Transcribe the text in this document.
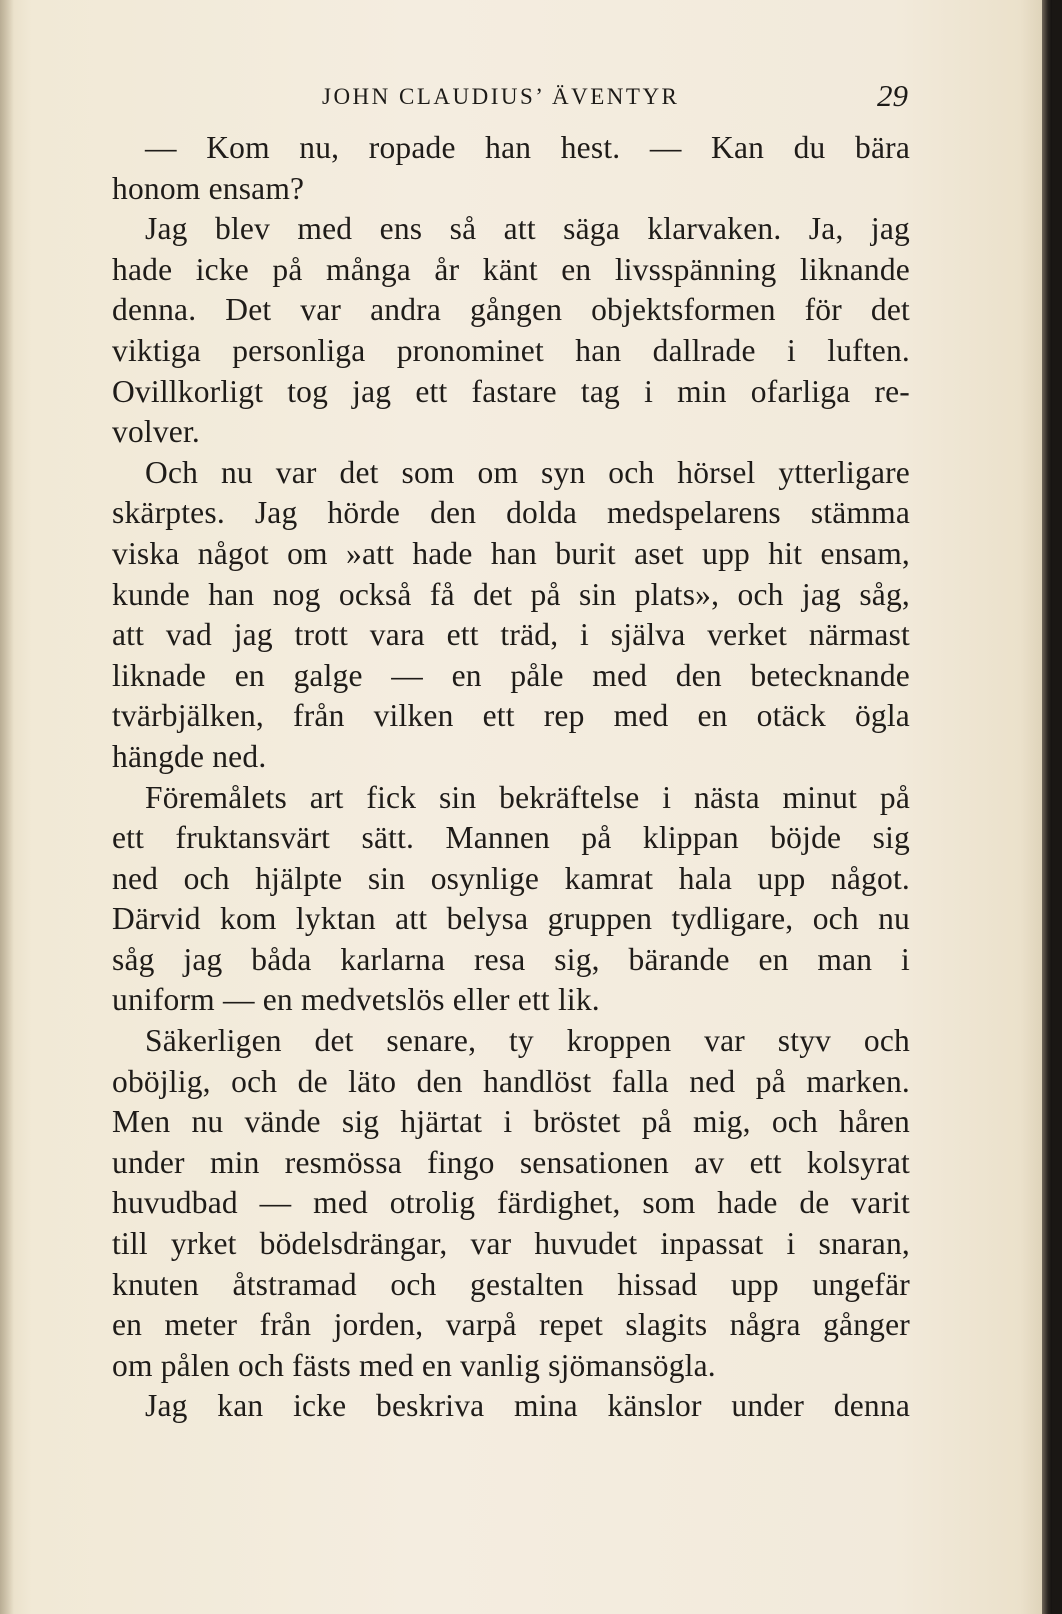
JOHN CLAUDIUS’ ÄVENTYR	29
— Kom nu, ropade han hest. — Kan du bära
honom ensam?
Jag blev med ens så att säga klarvaken. Ja, jag
hade icke på många år känt en livsspänning liknande
denna. Det var andra gången objektsformen för det
viktiga personliga pronominet han dallrade i luften.
Ovillkorligt tog jag ett fastare tag i min ofarliga re-
volver.
Och nu var det som om syn och hörsel ytterligare
skärptes. Jag hörde den dolda medspelarens stämma
viska något om »att hade han burit aset upp hit ensam,
kunde han nog också få det på sin plats», och jag såg,
att vad jag trott vara ett träd, i själva verket närmast
liknade en galge — en påle med den betecknande
tvärbjälken, från vilken ett rep med en otäck ögla
hängde ned.
Föremålets art fick sin bekräftelse i nästa minut på
ett fruktansvärt sätt. Mannen på klippan böjde sig
ned och hjälpte sin osynlige kamrat hala upp något.
Därvid kom lyktan att belysa gruppen tydligare, och nu
såg jag båda karlarna resa sig, bärande en man i
uniform — en medvetslös eller ett lik.
Säkerligen det senare, ty kroppen var styv och
oböjlig, och de läto den handlöst falla ned på marken.
Men nu vände sig hjärtat i bröstet på mig, och håren
under min resmössa fingo sensationen av ett kolsyrat
huvudbad — med otrolig färdighet, som hade de varit
till yrket bödelsdrängar, var huvudet inpassat i snaran,
knuten åtstramad och gestalten hissad upp ungefär
en meter från jorden, varpå repet slagits några gånger
om pålen och fästs med en vanlig sjömansögla.
Jag kan icke beskriva mina känslor under denna
